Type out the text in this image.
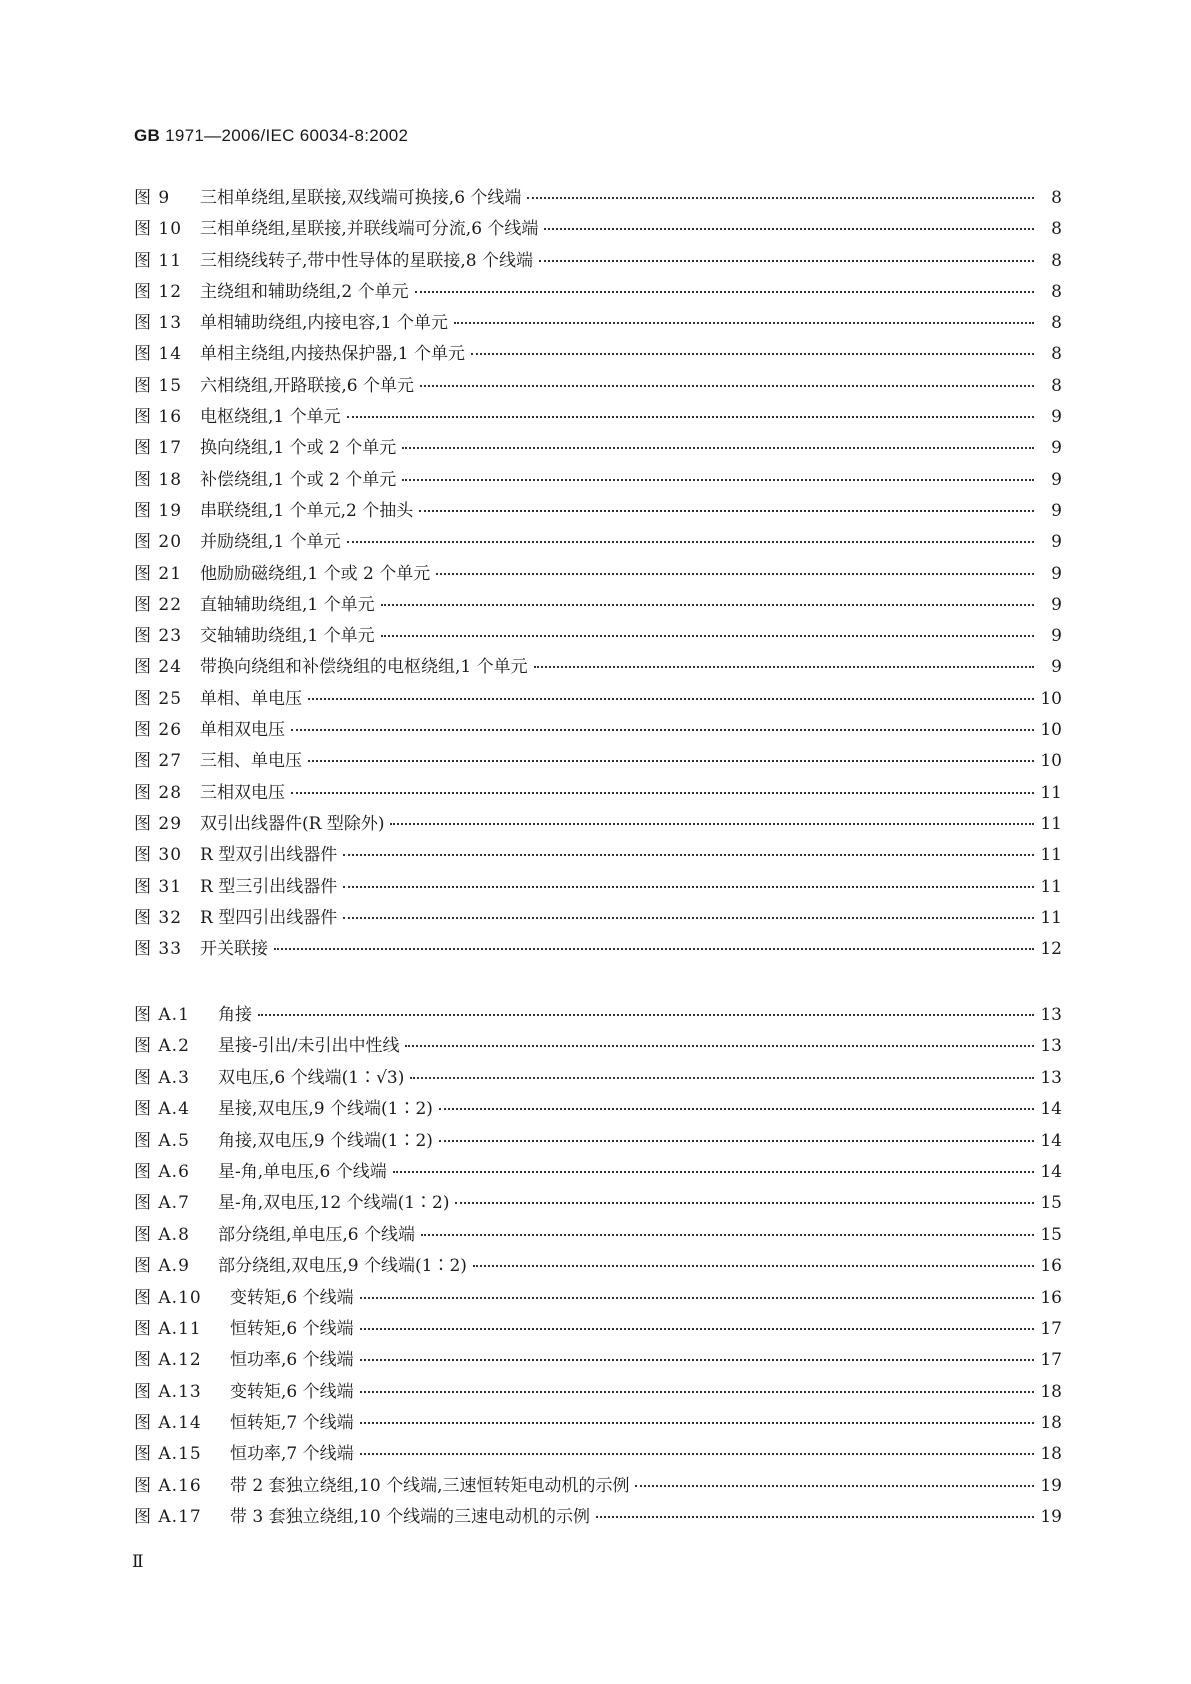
GB 1971—2006/IEC 60034-8:2002
图 9	三相单绕组,星联接,双线端可换接,6 个线端	8
图 10	三相单绕组,星联接,并联线端可分流,6 个线端	8
图 11	三相绕线转子,带中性导体的星联接,8 个线端	8
图 12	主绕组和辅助绕组,2 个单元	8
图 13	单相辅助绕组,内接电容,1 个单元	8
图 14	单相主绕组,内接热保护器,1 个单元	8
图 15	六相绕组,开路联接,6 个单元	8
图 16	电枢绕组,1 个单元	9
图 17	换向绕组,1 个或 2 个单元	9
图 18	补偿绕组,1 个或 2 个单元	9
图 19	串联绕组,1 个单元,2 个抽头	9
图 20	并励绕组,1 个单元	9
图 21	他励励磁绕组,1 个或 2 个单元	9
图 22	直轴辅助绕组,1 个单元	9
图 23	交轴辅助绕组,1 个单元	9
图 24	带换向绕组和补偿绕组的电枢绕组,1 个单元	9
图 25	单相、单电压	10
图 26	单相双电压	10
图 27	三相、单电压	10
图 28	三相双电压	11
图 29	双引出线器件(R 型除外)	11
图 30	R 型双引出线器件	11
图 31	R 型三引出线器件	11
图 32	R 型四引出线器件	11
图 33	开关联接	12
图 A.1	角接	13
图 A.2	星接-引出/未引出中性线	13
图 A.3	双电压,6 个线端(1∶√3)	13
图 A.4	星接,双电压,9 个线端(1∶2)	14
图 A.5	角接,双电压,9 个线端(1∶2)	14
图 A.6	星-角,单电压,6 个线端	14
图 A.7	星-角,双电压,12 个线端(1∶2)	15
图 A.8	部分绕组,单电压,6 个线端	15
图 A.9	部分绕组,双电压,9 个线端(1∶2)	16
图 A.10	变转矩,6 个线端	16
图 A.11	恒转矩,6 个线端	17
图 A.12	恒功率,6 个线端	17
图 A.13	变转矩,6 个线端	18
图 A.14	恒转矩,7 个线端	18
图 A.15	恒功率,7 个线端	18
图 A.16	带 2 套独立绕组,10 个线端,三速恒转矩电动机的示例	19
图 A.17	带 3 套独立绕组,10 个线端的三速电动机的示例	19
Ⅱ
